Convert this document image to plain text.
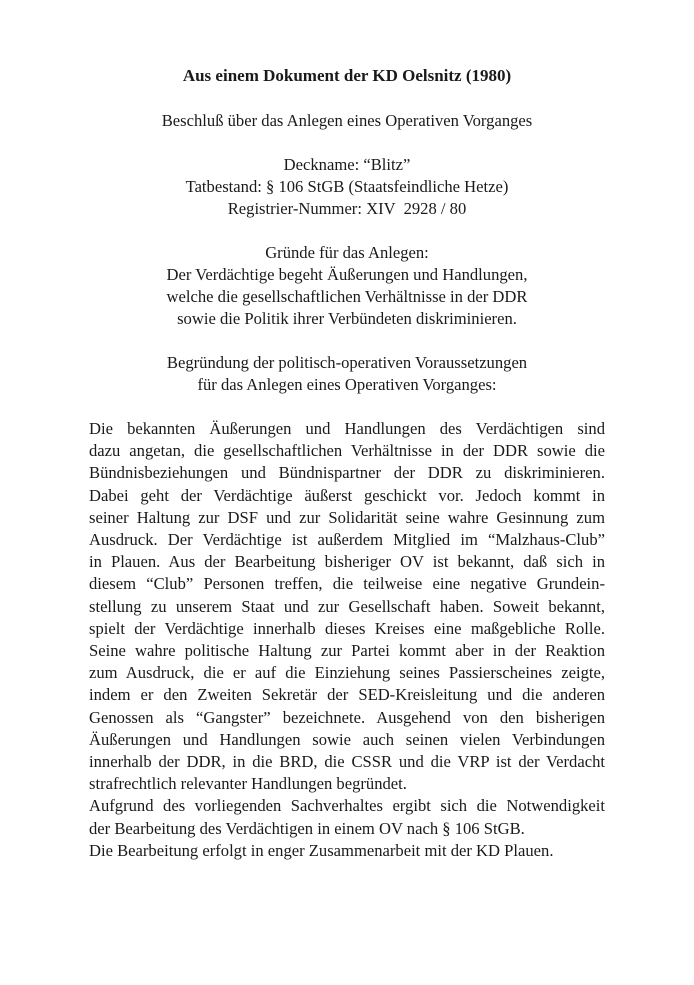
Aus einem Dokument der KD Oelsnitz (1980)
Beschluß über das Anlegen eines Operativen Vorganges
Deckname: “Blitz”
Tatbestand: § 106 StGB (Staatsfeindliche Hetze)
Registrier-Nummer: XIV  2928 / 80
Gründe für das Anlegen:
Der Verdächtige begeht Äußerungen und Handlungen,
welche die gesellschaftlichen Verhältnisse in der DDR
sowie die Politik ihrer Verbündeten diskriminieren.
Begründung der politisch-operativen Voraussetzungen
für das Anlegen eines Operativen Vorganges:
Die bekannten Äußerungen und Handlungen des Verdächtigen sind
dazu angetan, die gesellschaftlichen Verhältnisse in der DDR sowie die
Bündnisbeziehungen und Bündnispartner der DDR zu diskriminieren.
Dabei geht der Verdächtige äußerst geschickt vor. Jedoch kommt in
seiner Haltung zur DSF und zur Solidarität seine wahre Gesinnung zum
Ausdruck. Der Verdächtige ist außerdem Mitglied im “Malzhaus-Club”
in Plauen. Aus der Bearbeitung bisheriger OV ist bekannt, daß sich in
diesem “Club” Personen treffen, die teilweise eine negative Grundein-
stellung zu unserem Staat und zur Gesellschaft haben. Soweit bekannt,
spielt der Verdächtige innerhalb dieses Kreises eine maßgebliche Rolle.
Seine wahre politische Haltung zur Partei kommt aber in der Reaktion
zum Ausdruck, die er auf die Einziehung seines Passierscheines zeigte,
indem er den Zweiten Sekretär der SED-Kreisleitung und die anderen
Genossen als “Gangster” bezeichnete. Ausgehend von den bisherigen
Äußerungen und Handlungen sowie auch seinen vielen Verbindungen
innerhalb der DDR, in die BRD, die CSSR und die VRP ist der Verdacht
strafrechtlich relevanter Handlungen begründet.
Aufgrund des vorliegenden Sachverhaltes ergibt sich die Notwendigkeit
der Bearbeitung des Verdächtigen in einem OV nach § 106 StGB.
Die Bearbeitung erfolgt in enger Zusammenarbeit mit der KD Plauen.
